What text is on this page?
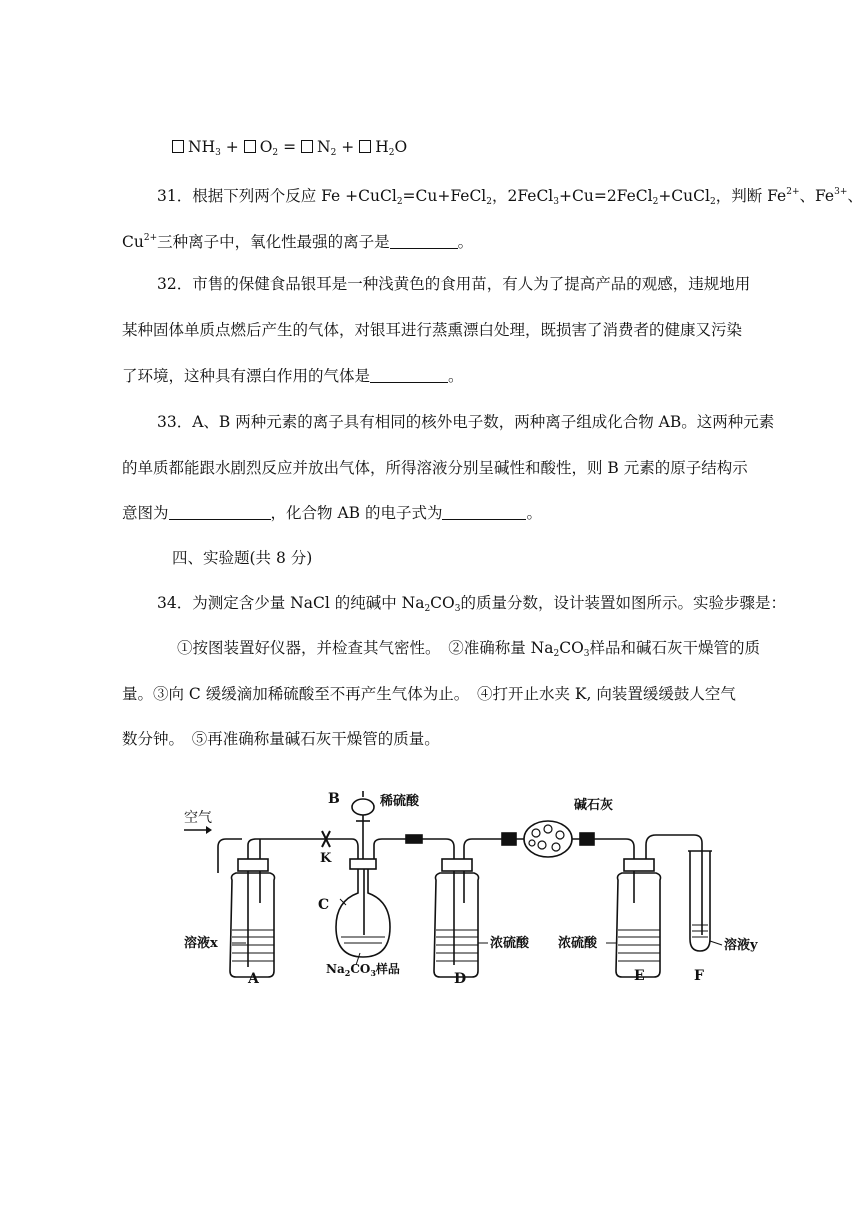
$NH_3 + O_2 = N_2 + H_2O$
31．根据下列两个反应 Fe +CuCl$_2$=Cu+FeCl$_2$，2FeCl$_3$+Cu=2FeCl$_2$+CuCl$_2$，判断 $Fe^{2+}$、$Fe^{3+}$、
$Cu^{2+}$三种离子中，氧化性最强的离子是	。
32．市售的保健食品银耳是一种浅黄色的食用苗，有人为了提高产品的观感，违规地用
某种固体单质点燃后产生的气体，对银耳进行蒸熏漂白处理，既损害了消费者的健康又污染
了环境，这种具有漂白作用的气体是	。
33．A、B 两种元素的离子具有相同的核外电子数，两种离子组成化合物 AB。这两种元素
的单质都能跟水剧烈反应并放出气体，所得溶液分别呈碱性和酸性，则 B 元素的原子结构示
意图为	，化合物 AB 的电子式为	。
四、实验题(共 8 分)
34．为测定含少量 NaCl 的纯碱中 $Na_2CO_3$的质量分数，设计装置如图所示。实验步骤是：
①按图装置好仪器，并检查其气密性。　②准确称量 $Na_2CO_3$样品和碱石灰干燥管的质
量。③向 C 缓缓滴加稀硫酸至不再产生气体为止。　④打开止水夹 K, 向装置缓缓鼓人空气
数分钟。　⑤再准确称量碱石灰干燥管的质量。
空气
B	稀硫酸
K
碱石灰
C
溶液x
A
$Na_2CO_3$样品
浓硫酸
D
浓硫酸
E	F
溶液y
